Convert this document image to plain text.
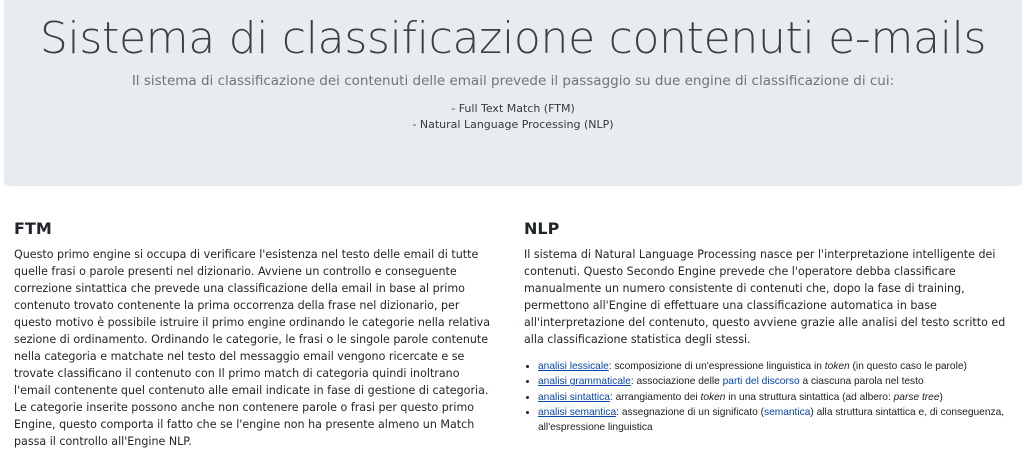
Sistema di classificazione contenuti e-mails
Il sistema di classificazione dei contenuti delle email prevede il passaggio su due engine di classificazione di cui:
- Full Text Match (FTM)
- Natural Language Processing (NLP)
FTM

Questo primo engine si occupa di verificare l'esistenza nel testo delle email di tutte quelle frasi o parole presenti nel dizionario. Avviene un controllo e conseguente correzione sintattica che prevede una classificazione della email in base al primo contenuto trovato contenente la prima occorrenza della frase nel dizionario, per questo motivo è possibile istruire il primo engine ordinando le categorie nella relativa sezione di ordinamento. Ordinando le categorie, le frasi o le singole parole contenute nella categoria e matchate nel testo del messaggio email vengono ricercate e se trovate classificano il contenuto con Il primo match di categoria quindi inoltrano l'email contenente quel contenuto alle email indicate in fase di gestione di categoria. Le categorie inserite possono anche non contenere parole o frasi per questo primo Engine, questo comporta il fatto che se l'engine non ha presente almeno un Match passa il controllo all'Engine NLP.

NLP

Il sistema di Natural Language Processing nasce per l'interpretazione intelligente dei contenuti. Questo Secondo Engine prevede che l'operatore debba classificare manualmente un numero consistente di contenuti che, dopo la fase di training, permettono all'Engine di effettuare una classificazione automatica in base all'interpretazione del contenuto, questo avviene grazie alle analisi del testo scritto ed alla classificazione statistica degli stessi.

• analisi lessicale: scomposizione di un'espressione linguistica in token (in questo caso le parole)
• analisi grammaticale: associazione delle parti del discorso a ciascuna parola nel testo
• analisi sintattica: arrangiamento dei token in una struttura sintattica (ad albero: parse tree)
• analisi semantica: assegnazione di un significato (semantica) alla struttura sintattica e, di conseguenza, all'espressione linguistica
